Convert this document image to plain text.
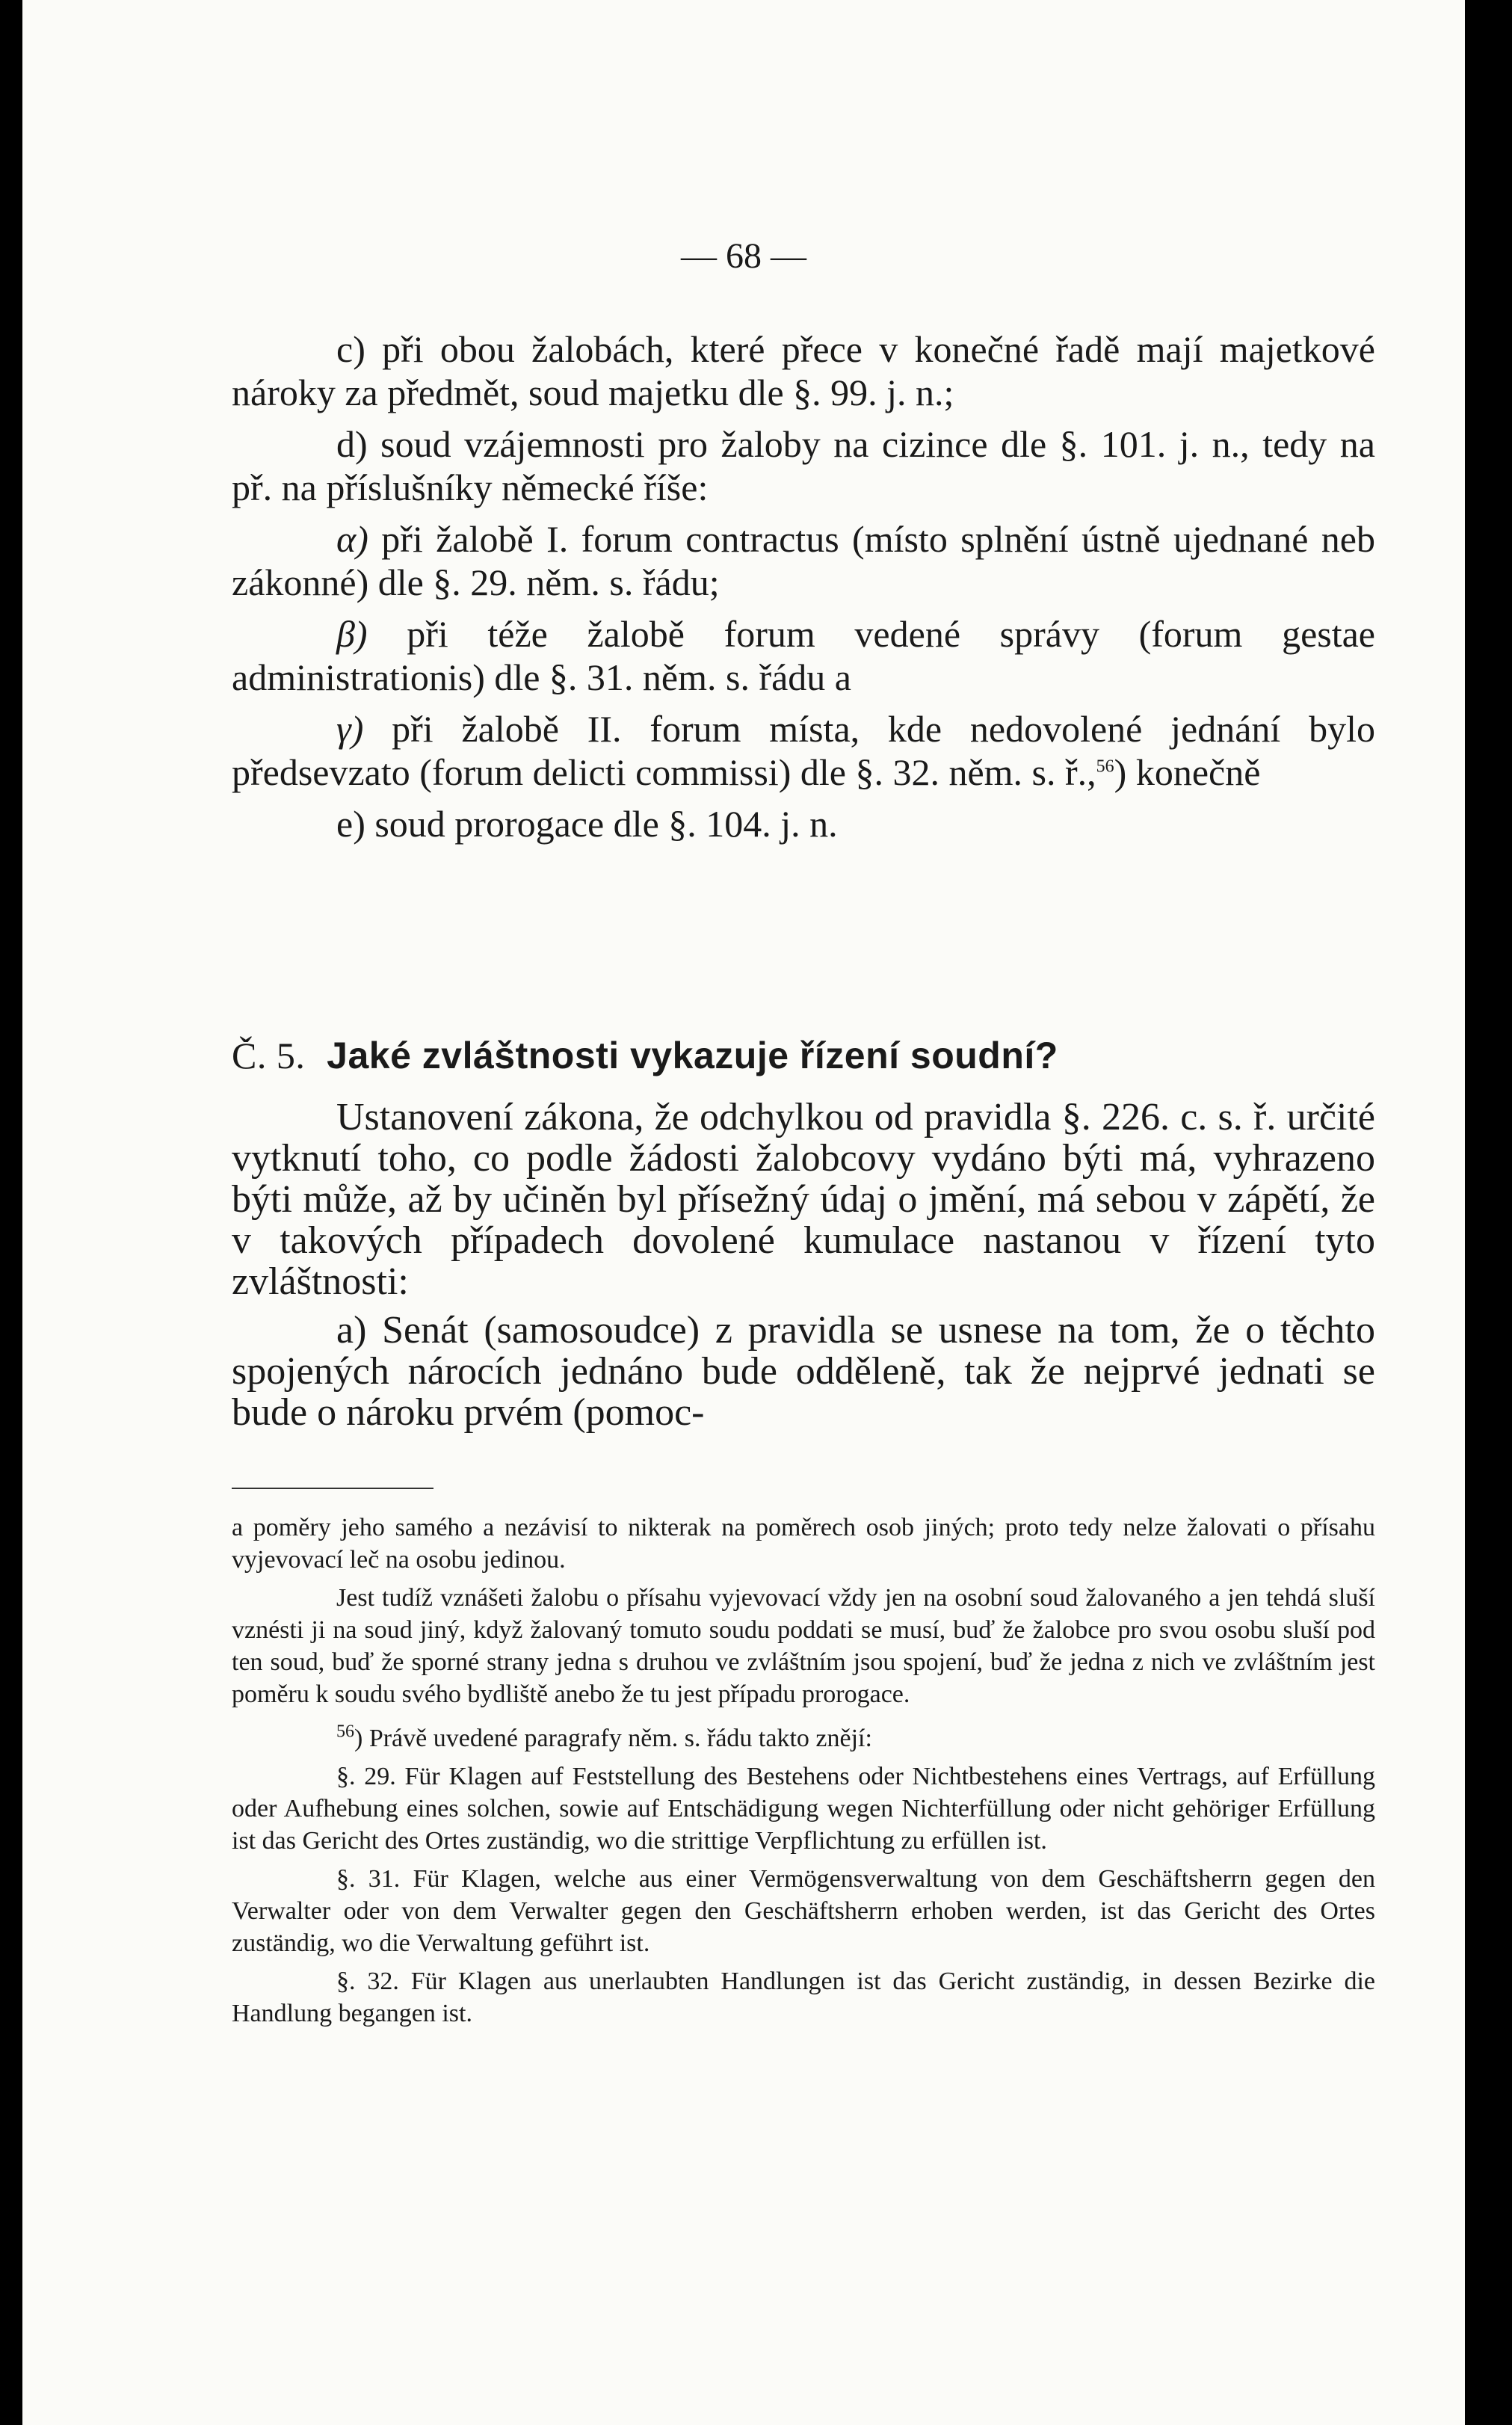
— 68 —

c) při obou žalobách, které přece v konečné řadě mají majetkové nároky za předmět, soud majetku dle §. 99. j. n.;

d) soud vzájemnosti pro žaloby na cizince dle §. 101. j. n., tedy na př. na příslušníky německé říše:

α) při žalobě I. forum contractus (místo splnění ústně ujednané neb zákonné) dle §. 29. něm. s. řádu;

β) při téže žalobě forum vedené správy (forum gestae administrationis) dle §. 31. něm. s. řádu a

γ) při žalobě II. forum místa, kde nedovolené jednání bylo předsevzato (forum delicti commissi) dle §. 32. něm. s. ř.,$^{56}$) konečně

e) soud prorogace dle §. 104. j. n.

Č. 5. Jaké zvláštnosti vykazuje řízení soudní?

Ustanovení zákona, že odchylkou od pravidla §. 226. c. s. ř. určité vytknutí toho, co podle žádosti žalobcovy vydáno býti má, vyhrazeno býti může, až by učiněn byl přísežný údaj o jmění, má sebou v zápětí, že v takových případech dovolené kumulace nastanou v řízení tyto zvláštnosti:

a) Senát (samosoudce) z pravidla se usnese na tom, že o těchto spojených nárocích jednáno bude odděleně, tak že nejprvé jednati se bude o nároku prvém (pomoc-

a poměry jeho samého a nezávisí to nikterak na poměrech osob jiných; proto tedy nelze žalovati o přísahu vyjevovací leč na osobu jedinou.

Jest tudíž vznášeti žalobu o přísahu vyjevovací vždy jen na osobní soud žalovaného a jen tehdá sluší vznésti ji na soud jiný, když žalovaný tomuto soudu poddati se musí, buď že žalobce pro svou osobu sluší pod ten soud, buď že sporné strany jedna s druhou ve zvláštním jsou spojení, buď že jedna z nich ve zvláštním jest poměru k soudu svého bydliště anebo že tu jest případu prorogace.

$^{56}$) Právě uvedené paragrafy něm. s. řádu takto znějí:

§. 29. Für Klagen auf Feststellung des Bestehens oder Nichtbestehens eines Vertrags, auf Erfüllung oder Aufhebung eines solchen, sowie auf Entschädigung wegen Nichterfüllung oder nicht gehöriger Erfüllung ist das Gericht des Ortes zuständig, wo die strittige Verpflichtung zu erfüllen ist.

§. 31. Für Klagen, welche aus einer Vermögensverwaltung von dem Geschäftsherrn gegen den Verwalter oder von dem Verwalter gegen den Geschäftsherrn erhoben werden, ist das Gericht des Ortes zuständig, wo die Verwaltung geführt ist.

§. 32. Für Klagen aus unerlaubten Handlungen ist das Gericht zuständig, in dessen Bezirke die Handlung begangen ist.
